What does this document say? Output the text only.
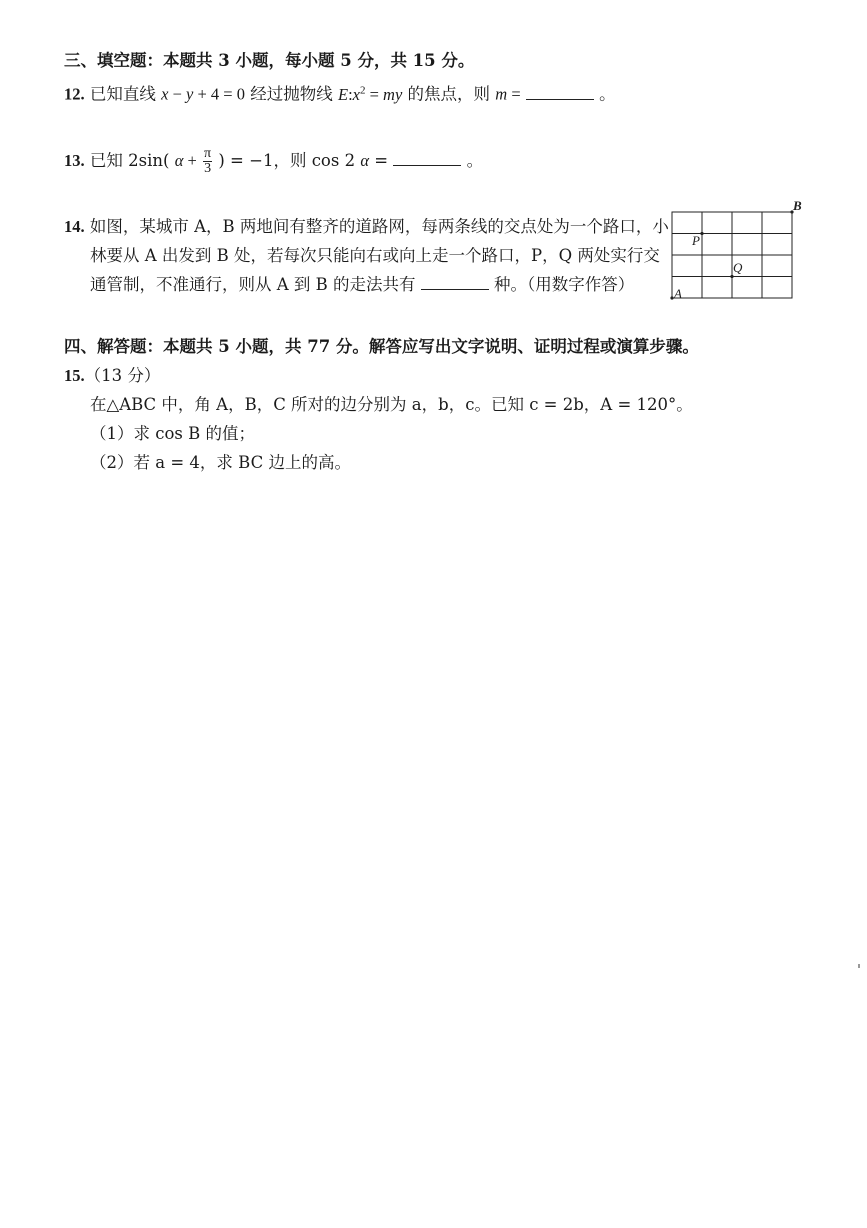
三、填空题：本题共 3 小题，每小题 5 分，共 15 分。
12. 已知直线 x − y + 4 = 0 经过抛物线 $E:x^2$ = my 的焦点，则 m =	。
13. 已知 2sin( $\alpha + \frac{\pi}{3}$ ) = −1，则 cos 2 α =	。
14. 如图，某城市 A，B 两地间有整齐的道路网，每两条线的交点处为一个路口，小
林要从 A 出发到 B 处，若每次只能向右或向上走一个路口，P，Q 两处实行交
通管制，不准通行，则从 A 到 B 的走法共有	种。（用数字作答）	A
B
P
Q
四、解答题：本题共 5 小题，共 77 分。解答应写出文字说明、证明过程或演算步骤。
15.（13 分）
在△ABC 中，角 A，B，C 所对的边分别为 a，b，c。已知 c = 2b，A = 120°。
（1）求 cos B 的值；
（2）若 a = 4，求 BC 边上的高。
